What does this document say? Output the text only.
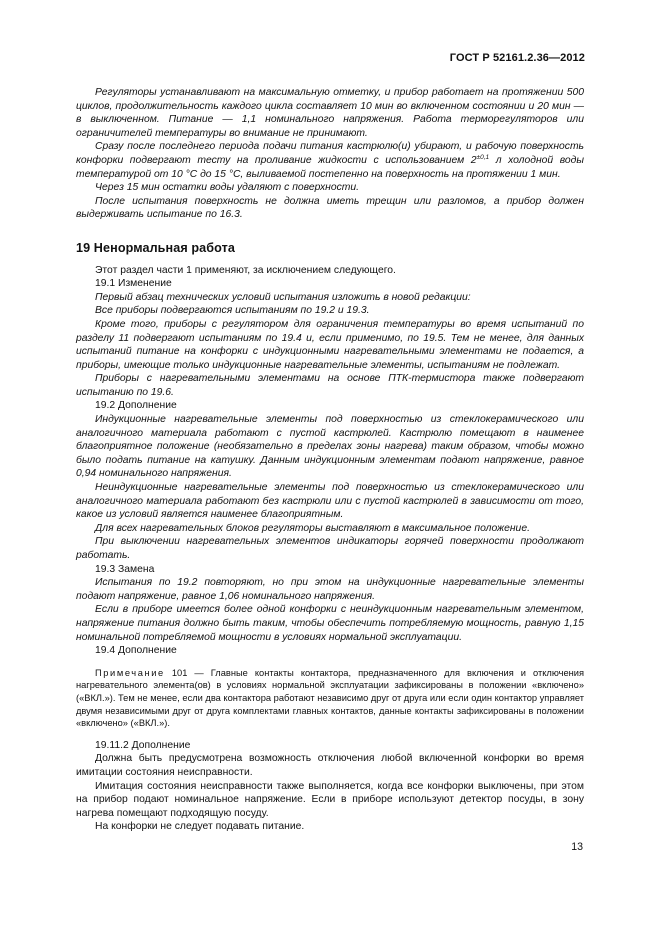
ГОСТ Р 52161.2.36—2012

Регуляторы устанавливают на максимальную отметку, и прибор работает на протяжении 500 циклов, продолжительность каждого цикла составляет 10 мин во включенном состоянии и 20 мин — в выключенном. Питание — 1,1 номинального напряжения. Работа терморегуляторов или ограничителей температуры во внимание не принимают.

Сразу после последнего периода подачи питания кастрюлю(и) убирают, и рабочую поверхность конфорки подвергают тесту на проливание жидкости с использованием $2^{\pm 0,1}$ л холодной воды температурой от 10 °С до 15 °С, выливаемой постепенно на поверхность на протяжении 1 мин.

Через 15 мин остатки воды удаляют с поверхности.

После испытания поверхность не должна иметь трещин или разломов, а прибор должен выдерживать испытание по 16.3.

19 Ненормальная работа

Этот раздел части 1 применяют, за исключением следующего.

19.1 Изменение

Первый абзац технических условий испытания изложить в новой редакции:

Все приборы подвергаются испытаниям по 19.2 и 19.3.

Кроме того, приборы с регулятором для ограничения температуры во время испытаний по разделу 11 подвергают испытаниям по 19.4 и, если применимо, по 19.5. Тем не менее, для данных испытаний питание на конфорки с индукционными нагревательными элементами не подается, а приборы, имеющие только индукционные нагревательные элементы, испытаниям не подлежат.

Приборы с нагревательными элементами на основе ПТК-термистора также подвергают испытанию по 19.6.

19.2 Дополнение

Индукционные нагревательные элементы под поверхностью из стеклокерамического или аналогичного материала работают с пустой кастрюлей. Кастрюлю помещают в наименее благоприятное положение (необязательно в пределах зоны нагрева) таким образом, чтобы можно было подать питание на катушку. Данным индукционным элементам подают напряжение, равное 0,94 номинального напряжения.

Неиндукционные нагревательные элементы под поверхностью из стеклокерамического или аналогичного материала работают без кастрюли или с пустой кастрюлей в зависимости от того, какое из условий является наименее благоприятным.

Для всех нагревательных блоков регуляторы выставляют в максимальное положение.

При выключении нагревательных элементов индикаторы горячей поверхности продолжают работать.

19.3 Замена

Испытания по 19.2 повторяют, но при этом на индукционные нагревательные элементы подают напряжение, равное 1,06 номинального напряжения.

Если в приборе имеется более одной конфорки с неиндукционным нагревательным элементом, напряжение питания должно быть таким, чтобы обеспечить потребляемую мощность, равную 1,15 номинальной потребляемой мощности в условиях нормальной эксплуатации.

19.4 Дополнение

Примечание 101 — Главные контакты контактора, предназначенного для включения и отключения нагревательного элемента(ов) в условиях нормальной эксплуатации зафиксированы в положении «включено» («ВКЛ.»). Тем не менее, если два контактора работают независимо друг от друга или если один контактор управляет двумя независимыми друг от друга комплектами главных контактов, данные контакты зафиксированы в положении «включено» («ВКЛ.»).

19.11.2 Дополнение

Должна быть предусмотрена возможность отключения любой включенной конфорки во время имитации состояния неисправности.

Имитация состояния неисправности также выполняется, когда все конфорки выключены, при этом на прибор подают номинальное напряжение. Если в приборе используют детектор посуды, в зону нагрева помещают подходящую посуду.

На конфорки не следует подавать питание.

13
